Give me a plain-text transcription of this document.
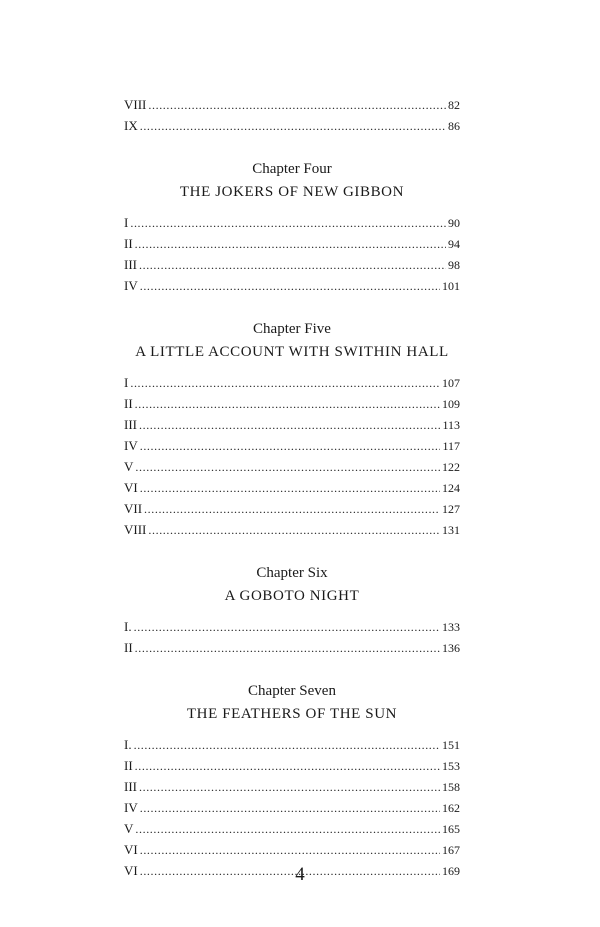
VIII . . .	82
IX . . .	86
Chapter Four
THE JOKERS OF NEW GIBBON
I . . .	90
II . . .	94
III . . .	98
IV . . .	101
Chapter Five
A LITTLE ACCOUNT WITH SWITHIN HALL
I . . .	107
II . . .	109
III . . .	113
IV . . .	117
V . . .	122
VI . . .	124
VII . . .	127
VIII . . .	131
Chapter Six
A GOBOTO NIGHT
I. . . .	133
II . . .	136
Chapter Seven
THE FEATHERS OF THE SUN
I. . . .	151
II . . .	153
III . . .	158
IV . . .	162
V . . .	165
VI . . .	167
VI . . .	169
4
